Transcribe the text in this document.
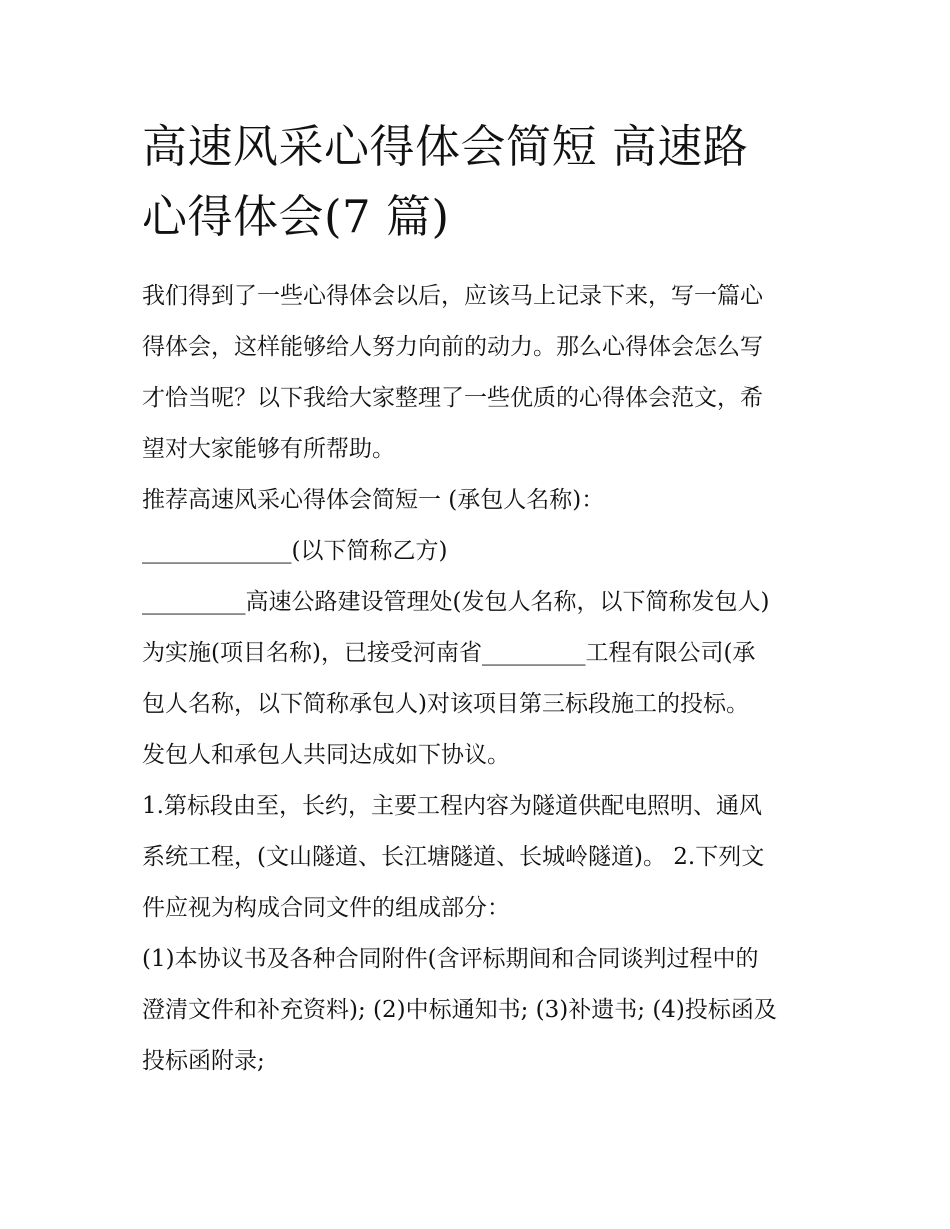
高速风采心得体会简短 高速路
心得体会(7 篇)

我们得到了一些心得体会以后，应该马上记录下来，写一篇心
得体会，这样能够给人努力向前的动力。那么心得体会怎么写
才恰当呢？以下我给大家整理了一些优质的心得体会范文，希
望对大家能够有所帮助。

推荐高速风采心得体会简短一 (承包人名称)：

_____________(以下简称乙方)

_________高速公路建设管理处(发包人名称，以下简称发包人)
为实施(项目名称)，已接受河南省_________工程有限公司(承
包人名称，以下简称承包人)对该项目第三标段施工的投标。

发包人和承包人共同达成如下协议。

1.第标段由至，长约，主要工程内容为隧道供配电照明、通风
系统工程，(文山隧道、长江塘隧道、长城岭隧道)。 2.下列文
件应视为构成合同文件的组成部分：

(1)本协议书及各种合同附件(含评标期间和合同谈判过程中的
澄清文件和补充资料); (2)中标通知书; (3)补遗书; (4)投标函及
投标函附录;
